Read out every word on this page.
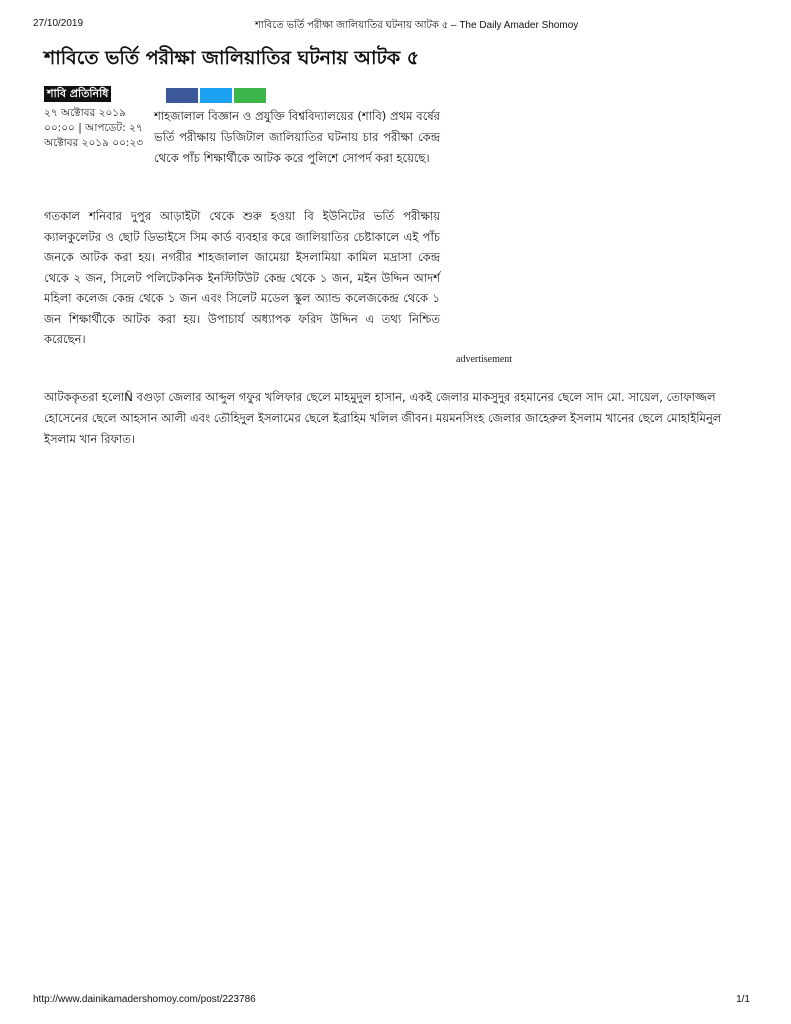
27/10/2019	শাবিতে ভর্তি পরীক্ষা জালিয়াতির ঘটনায় আটক ৫ – The Daily Amader Shomoy
শাবিতে ভর্তি পরীক্ষা জালিয়াতির ঘটনায় আটক ৫
শাবি প্রতিনিধি
২৭ অক্টোবর ২০১৯ ০০:০০ | আপডেট: ২৭ অক্টোবর ২০১৯ ০০:২৩
শাহজালাল বিজ্ঞান ও প্রযুক্তি বিশ্ববিদ্যালয়ের (শাবি) প্রথম বর্ষের ভর্তি পরীক্ষায় ডিজিটাল জালিয়াতির ঘটনায় চার পরীক্ষা কেন্দ্র থেকে পাঁচ শিক্ষার্থীকে আটক করে পুলিশে সোপর্দ করা হয়েছে।

গতকাল শনিবার দুপুর আড়াইটা থেকে শুরু হওয়া বি ইউনিটের ভর্তি পরীক্ষায় ক্যালকুলেটর ও ছোট ডিভাইসে সিম কার্ড ব্যবহার করে জালিয়াতির চেষ্টাকালে এই পাঁচ জনকে আটক করা হয়। নগরীর শাহজালাল জামেয়া ইসলামিয়া কামিল মদ্রাসা কেন্দ্র থেকে ২ জন, সিলেট পলিটেকনিক ইনস্টিটিউট কেন্দ্র থেকে ১ জন, মইন উদ্দিন আদর্শ মহিলা কলেজ কেন্দ্র থেকে ১ জন এবং সিলেট মডেল স্কুল অ্যান্ড কলেজকেন্দ্র থেকে ১ জন শিক্ষার্থীকে আটক করা হয়। উপাচার্য অধ্যাপক ফরিদ উদ্দিন এ তথ্য নিশ্চিত করেছেন।

advertisement

আটককৃতরা হলোÑ বগুড়া জেলার আব্দুল গফুর খলিফার ছেলে মাহমুদুল হাসান, একই জেলার মাকসুদুর রহমানের ছেলে সাদ মো. সায়েল, তোফাজ্জল হোসেনের ছেলে আহসান আলী এবং তৌহিদুল ইসলামের ছেলে ইব্রাহিম খলিল জীবন। ময়মনসিংহ জেলার জাহেরুল ইসলাম খানের ছেলে মোহাইমিনুল ইসলাম খান রিফাত।

http://www.dainikamadershomoy.com/post/223786	1/1
